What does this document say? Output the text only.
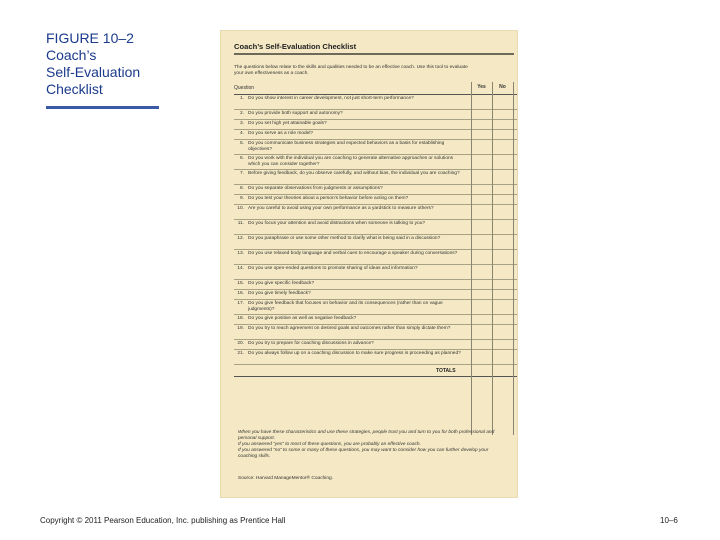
FIGURE 10–2
Coach’s
Self-Evaluation
Checklist
Coach’s Self-Evaluation Checklist
The questions below relate to the skills and qualities needed to be an effective coach. Use this tool to evaluate your own effectiveness as a coach.
Question	Yes	No
1. Do you show interest in career development, not just short-term performance?
2. Do you provide both support and autonomy?
3. Do you set high yet attainable goals?
4. Do you serve as a role model?
5. Do you communicate business strategies and expected behaviors as a basis for establishing objectives?
6. Do you work with the individual you are coaching to generate alternative approaches or solutions which you can consider together?
7. Before giving feedback, do you observe carefully, and without bias, the individual you are coaching?
8. Do you separate observations from judgments or assumptions?
9. Do you test your theories about a person’s behavior before acting on them?
10. Are you careful to avoid using your own performance as a yardstick to measure others?
11. Do you focus your attention and avoid distractions when someone is talking to you?
12. Do you paraphrase or use some other method to clarify what is being said in a discussion?
13. Do you use relaxed body language and verbal cues to encourage a speaker during conversations?
14. Do you use open-ended questions to promote sharing of ideas and information?
15. Do you give specific feedback?
16. Do you give timely feedback?
17. Do you give feedback that focuses on behavior and its consequences (rather than on vague judgments)?
18. Do you give positive as well as negative feedback?
19. Do you try to reach agreement on desired goals and outcomes rather than simply dictate them?
20. Do you try to prepare for coaching discussions in advance?
21. Do you always follow up on a coaching discussion to make sure progress is proceeding as planned?
TOTALS
When you have these characteristics and use these strategies, people trust you and turn to you for both professional and personal support.
If you answered “yes” to most of these questions, you are probably an effective coach.
If you answered “no” to some or many of these questions, you may want to consider how you can further develop your coaching skills.
Source: Harvard ManageMentor® Coaching.
Copyright © 2011 Pearson Education, Inc. publishing as Prentice Hall	10–6
